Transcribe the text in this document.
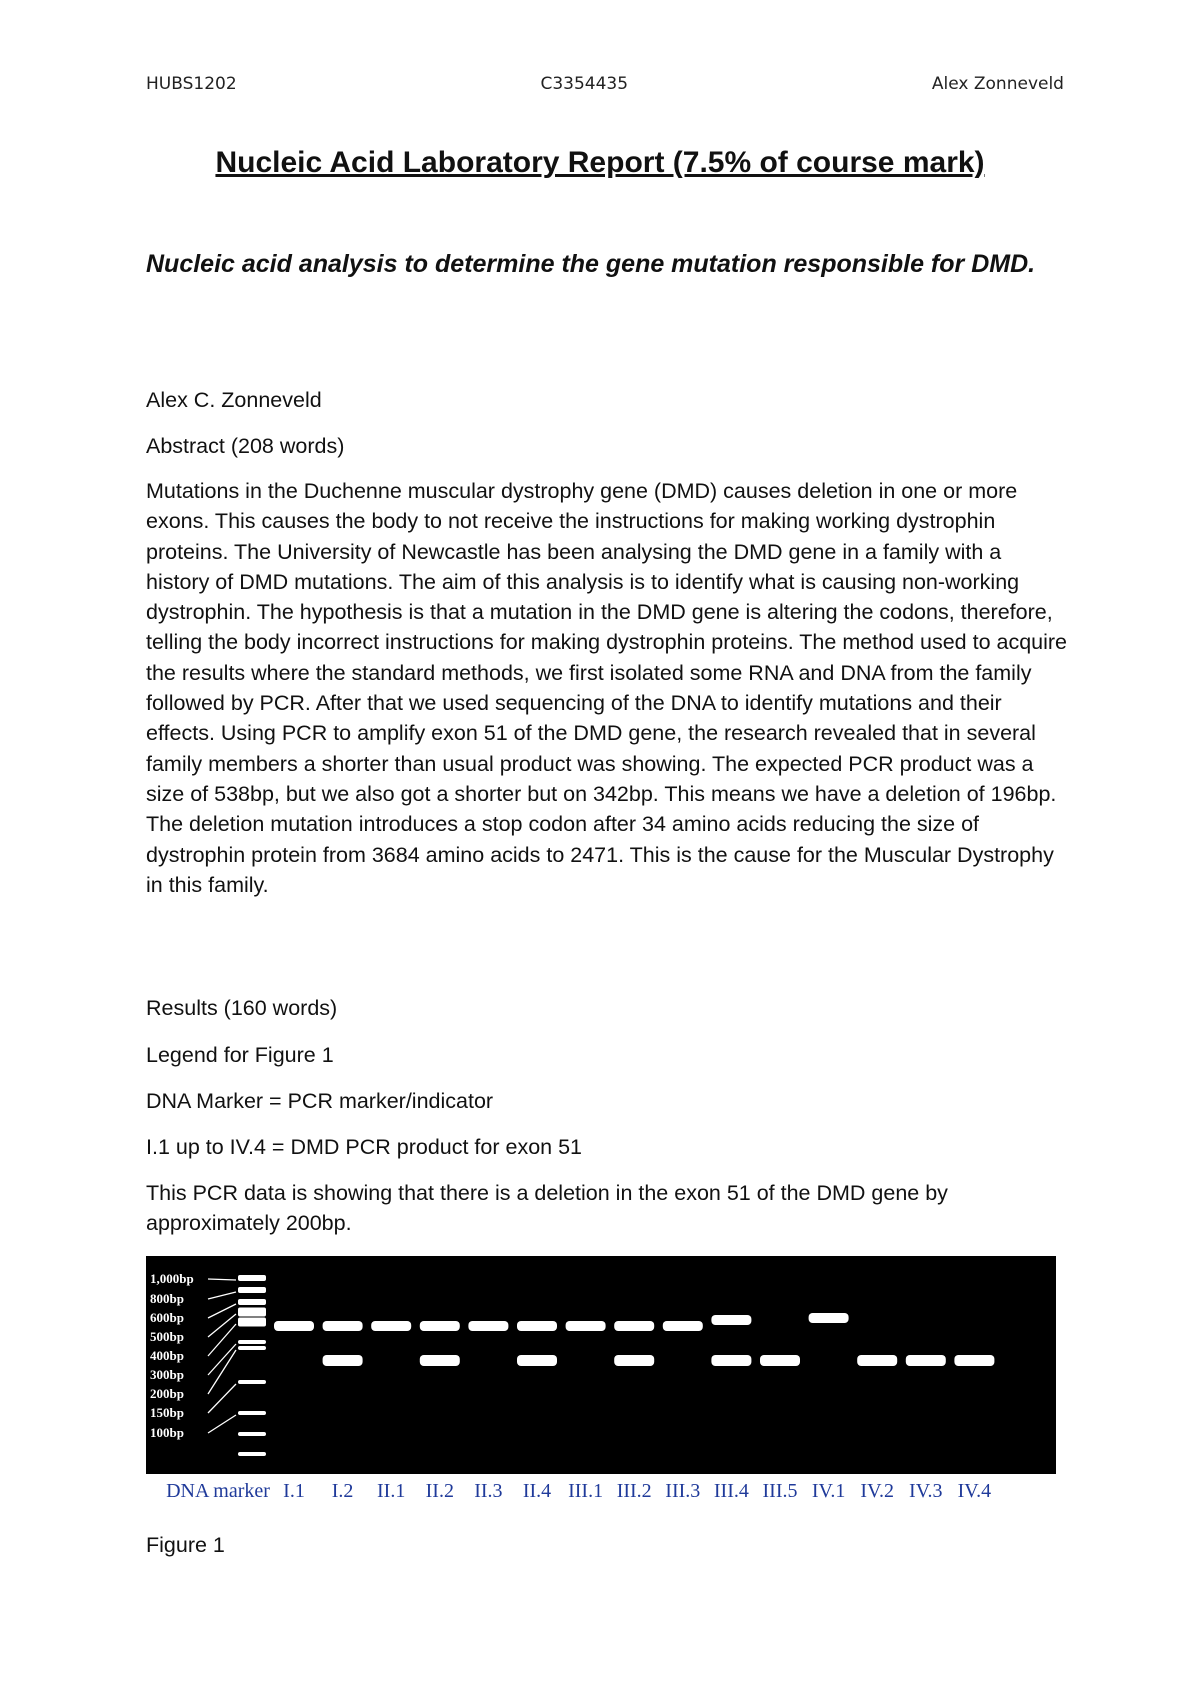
HUBS1202	C3354435	Alex Zonneveld
Nucleic Acid Laboratory Report (7.5% of course mark)
Nucleic acid analysis to determine the gene mutation responsible for DMD.
Alex C. Zonneveld
Abstract (208 words)
Mutations in the Duchenne muscular dystrophy gene (DMD) causes deletion in one or more exons. This causes the body to not receive the instructions for making working dystrophin proteins. The University of Newcastle has been analysing the DMD gene in a family with a history of DMD mutations. The aim of this analysis is to identify what is causing non-working dystrophin. The hypothesis is that a mutation in the DMD gene is altering the codons, therefore, telling the body incorrect instructions for making dystrophin proteins. The method used to acquire the results where the standard methods, we first isolated some RNA and DNA from the family followed by PCR. After that we used sequencing of the DNA to identify mutations and their effects. Using PCR to amplify exon 51 of the DMD gene, the research revealed that in several family members a shorter than usual product was showing. The expected PCR product was a size of 538bp, but we also got a shorter but on 342bp. This means we have a deletion of 196bp. The deletion mutation introduces a stop codon after 34 amino acids reducing the size of dystrophin protein from 3684 amino acids to 2471. This is the cause for the Muscular Dystrophy in this family.
Results (160 words)
Legend for Figure 1
DNA Marker = PCR marker/indicator
I.1 up to IV.4 = DMD PCR product for exon 51
This PCR data is showing that there is a deletion in the exon 51 of the DMD gene by approximately 200bp.
1,000bp
800bp
600bp
500bp
400bp
300bp
200bp
150bp
100bp
DNA marker I.1 I.2 II.1 II.2 II.3 II.4 III.1 III.2 III.3 III.4 III.5 IV.1 IV.2 IV.3 IV.4
Figure 1
